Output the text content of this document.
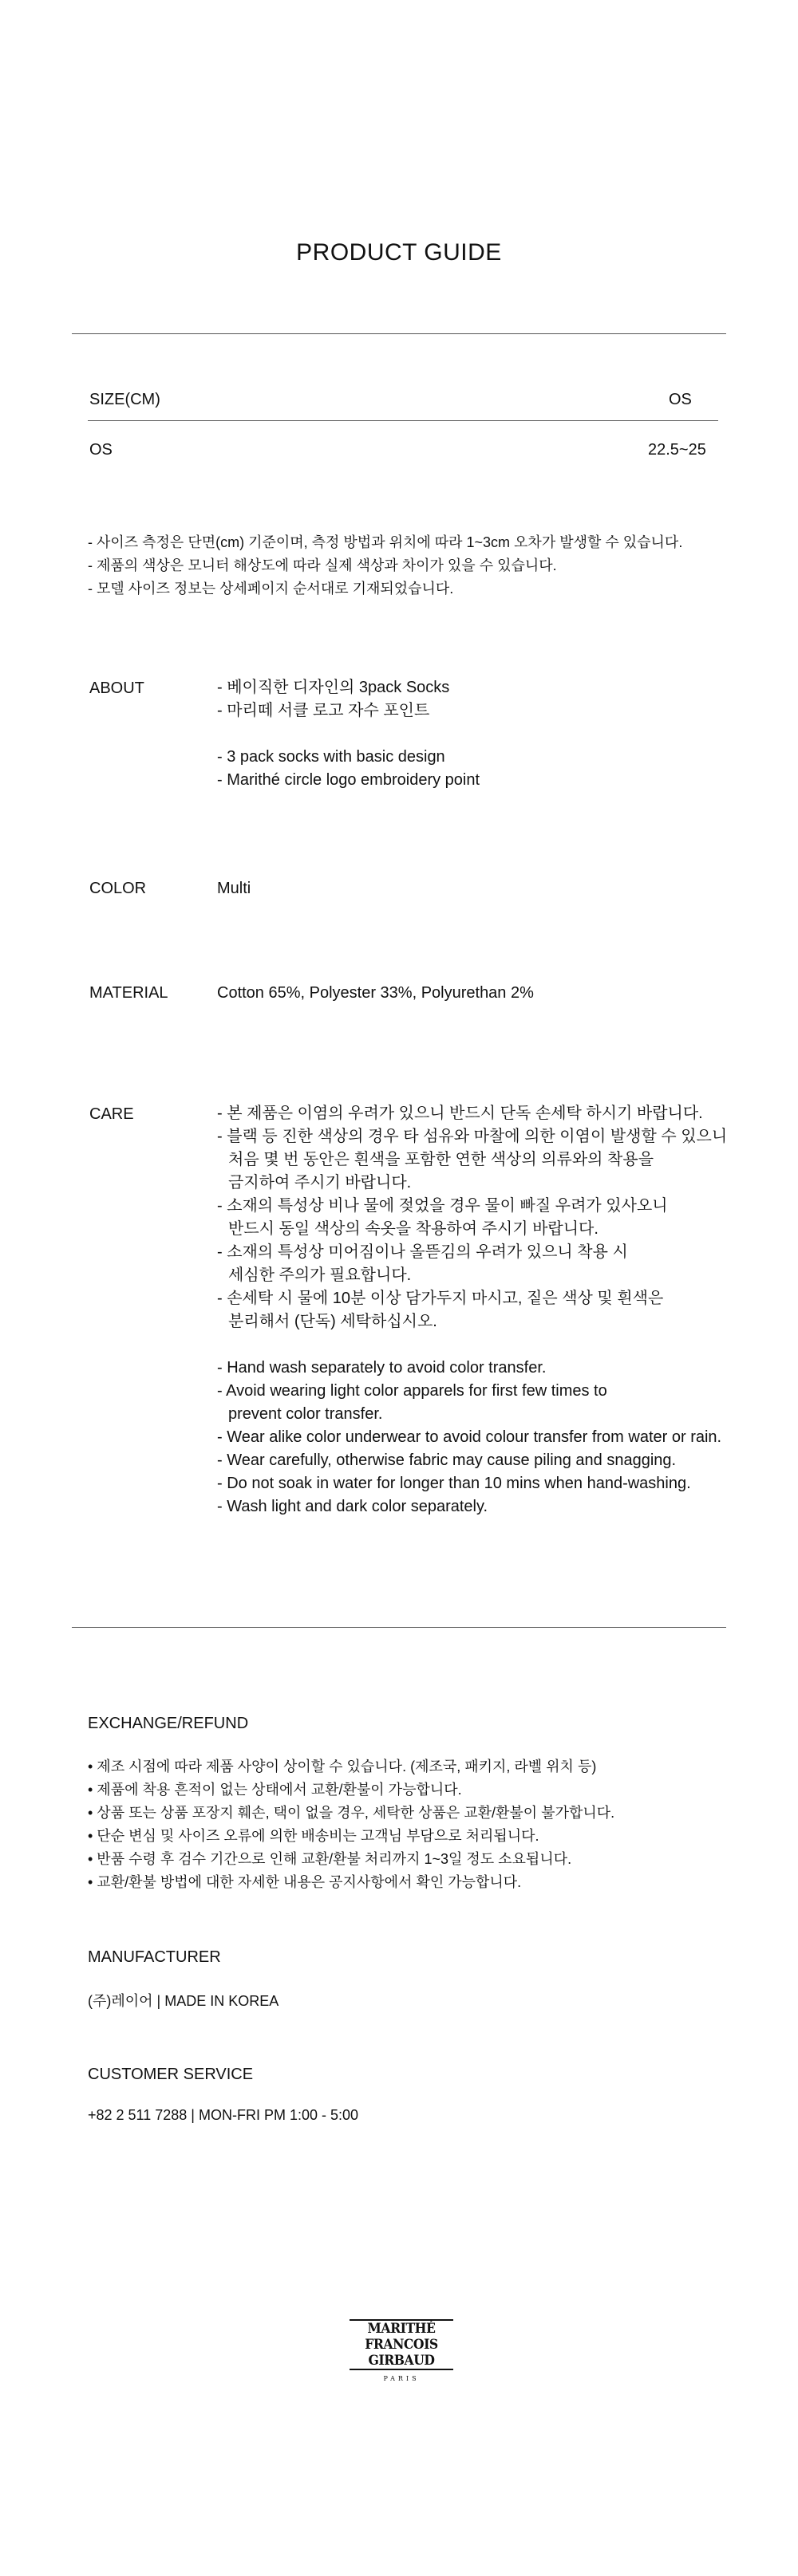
PRODUCT GUIDE
SIZE(CM)	OS
OS	22.5~25
- 사이즈 측정은 단면(cm) 기준이며, 측정 방법과 위치에 따라 1~3cm 오차가 발생할 수 있습니다.
- 제품의 색상은 모니터 해상도에 따라 실제 색상과 차이가 있을 수 있습니다.
- 모델 사이즈 정보는 상세페이지 순서대로 기재되었습니다.
ABOUT	- 베이직한 디자인의 3pack Socks
- 마리떼 서클 로고 자수 포인트
- 3 pack socks with basic design
- Marithé circle logo embroidery point
COLOR	Multi
MATERIAL	Cotton 65%, Polyester 33%, Polyurethan 2%
CARE	- 본 제품은 이염의 우려가 있으니 반드시 단독 손세탁 하시기 바랍니다.
- 블랙 등 진한 색상의 경우 타 섬유와 마찰에 의한 이염이 발생할 수 있으니
처음 몇 번 동안은 흰색을 포함한 연한 색상의 의류와의 착용을
금지하여 주시기 바랍니다.
- 소재의 특성상 비나 물에 젖었을 경우 물이 빠질 우려가 있사오니
반드시 동일 색상의 속옷을 착용하여 주시기 바랍니다.
- 소재의 특성상 미어짐이나 올뜯김의 우려가 있으니 착용 시
세심한 주의가 필요합니다.
- 손세탁 시 물에 10분 이상 담가두지 마시고, 짙은 색상 및 흰색은
분리해서 (단독) 세탁하십시오.
- Hand wash separately to avoid color transfer.
- Avoid wearing light color apparels for first few times to
prevent color transfer.
- Wear alike color underwear to avoid colour transfer from water or rain.
- Wear carefully, otherwise fabric may cause piling and snagging.
- Do not soak in water for longer than 10 mins when hand-washing.
- Wash light and dark color separately.
EXCHANGE/REFUND
• 제조 시점에 따라 제품 사양이 상이할 수 있습니다. (제조국, 패키지, 라벨 위치 등)
• 제품에 착용 흔적이 없는 상태에서 교환/환불이 가능합니다.
• 상품 또는 상품 포장지 훼손, 택이 없을 경우, 세탁한 상품은 교환/환불이 불가합니다.
• 단순 변심 및 사이즈 오류에 의한 배송비는 고객님 부담으로 처리됩니다.
• 반품 수령 후 검수 기간으로 인해 교환/환불 처리까지 1~3일 정도 소요됩니다.
• 교환/환불 방법에 대한 자세한 내용은 공지사항에서 확인 가능합니다.
MANUFACTURER
(주)레이어 | MADE IN KOREA
CUSTOMER SERVICE
+82 2 511 7288 | MON-FRI PM 1:00 - 5:00
MARITHÉ
FRANCOIS
GIRBAUD
PARIS
